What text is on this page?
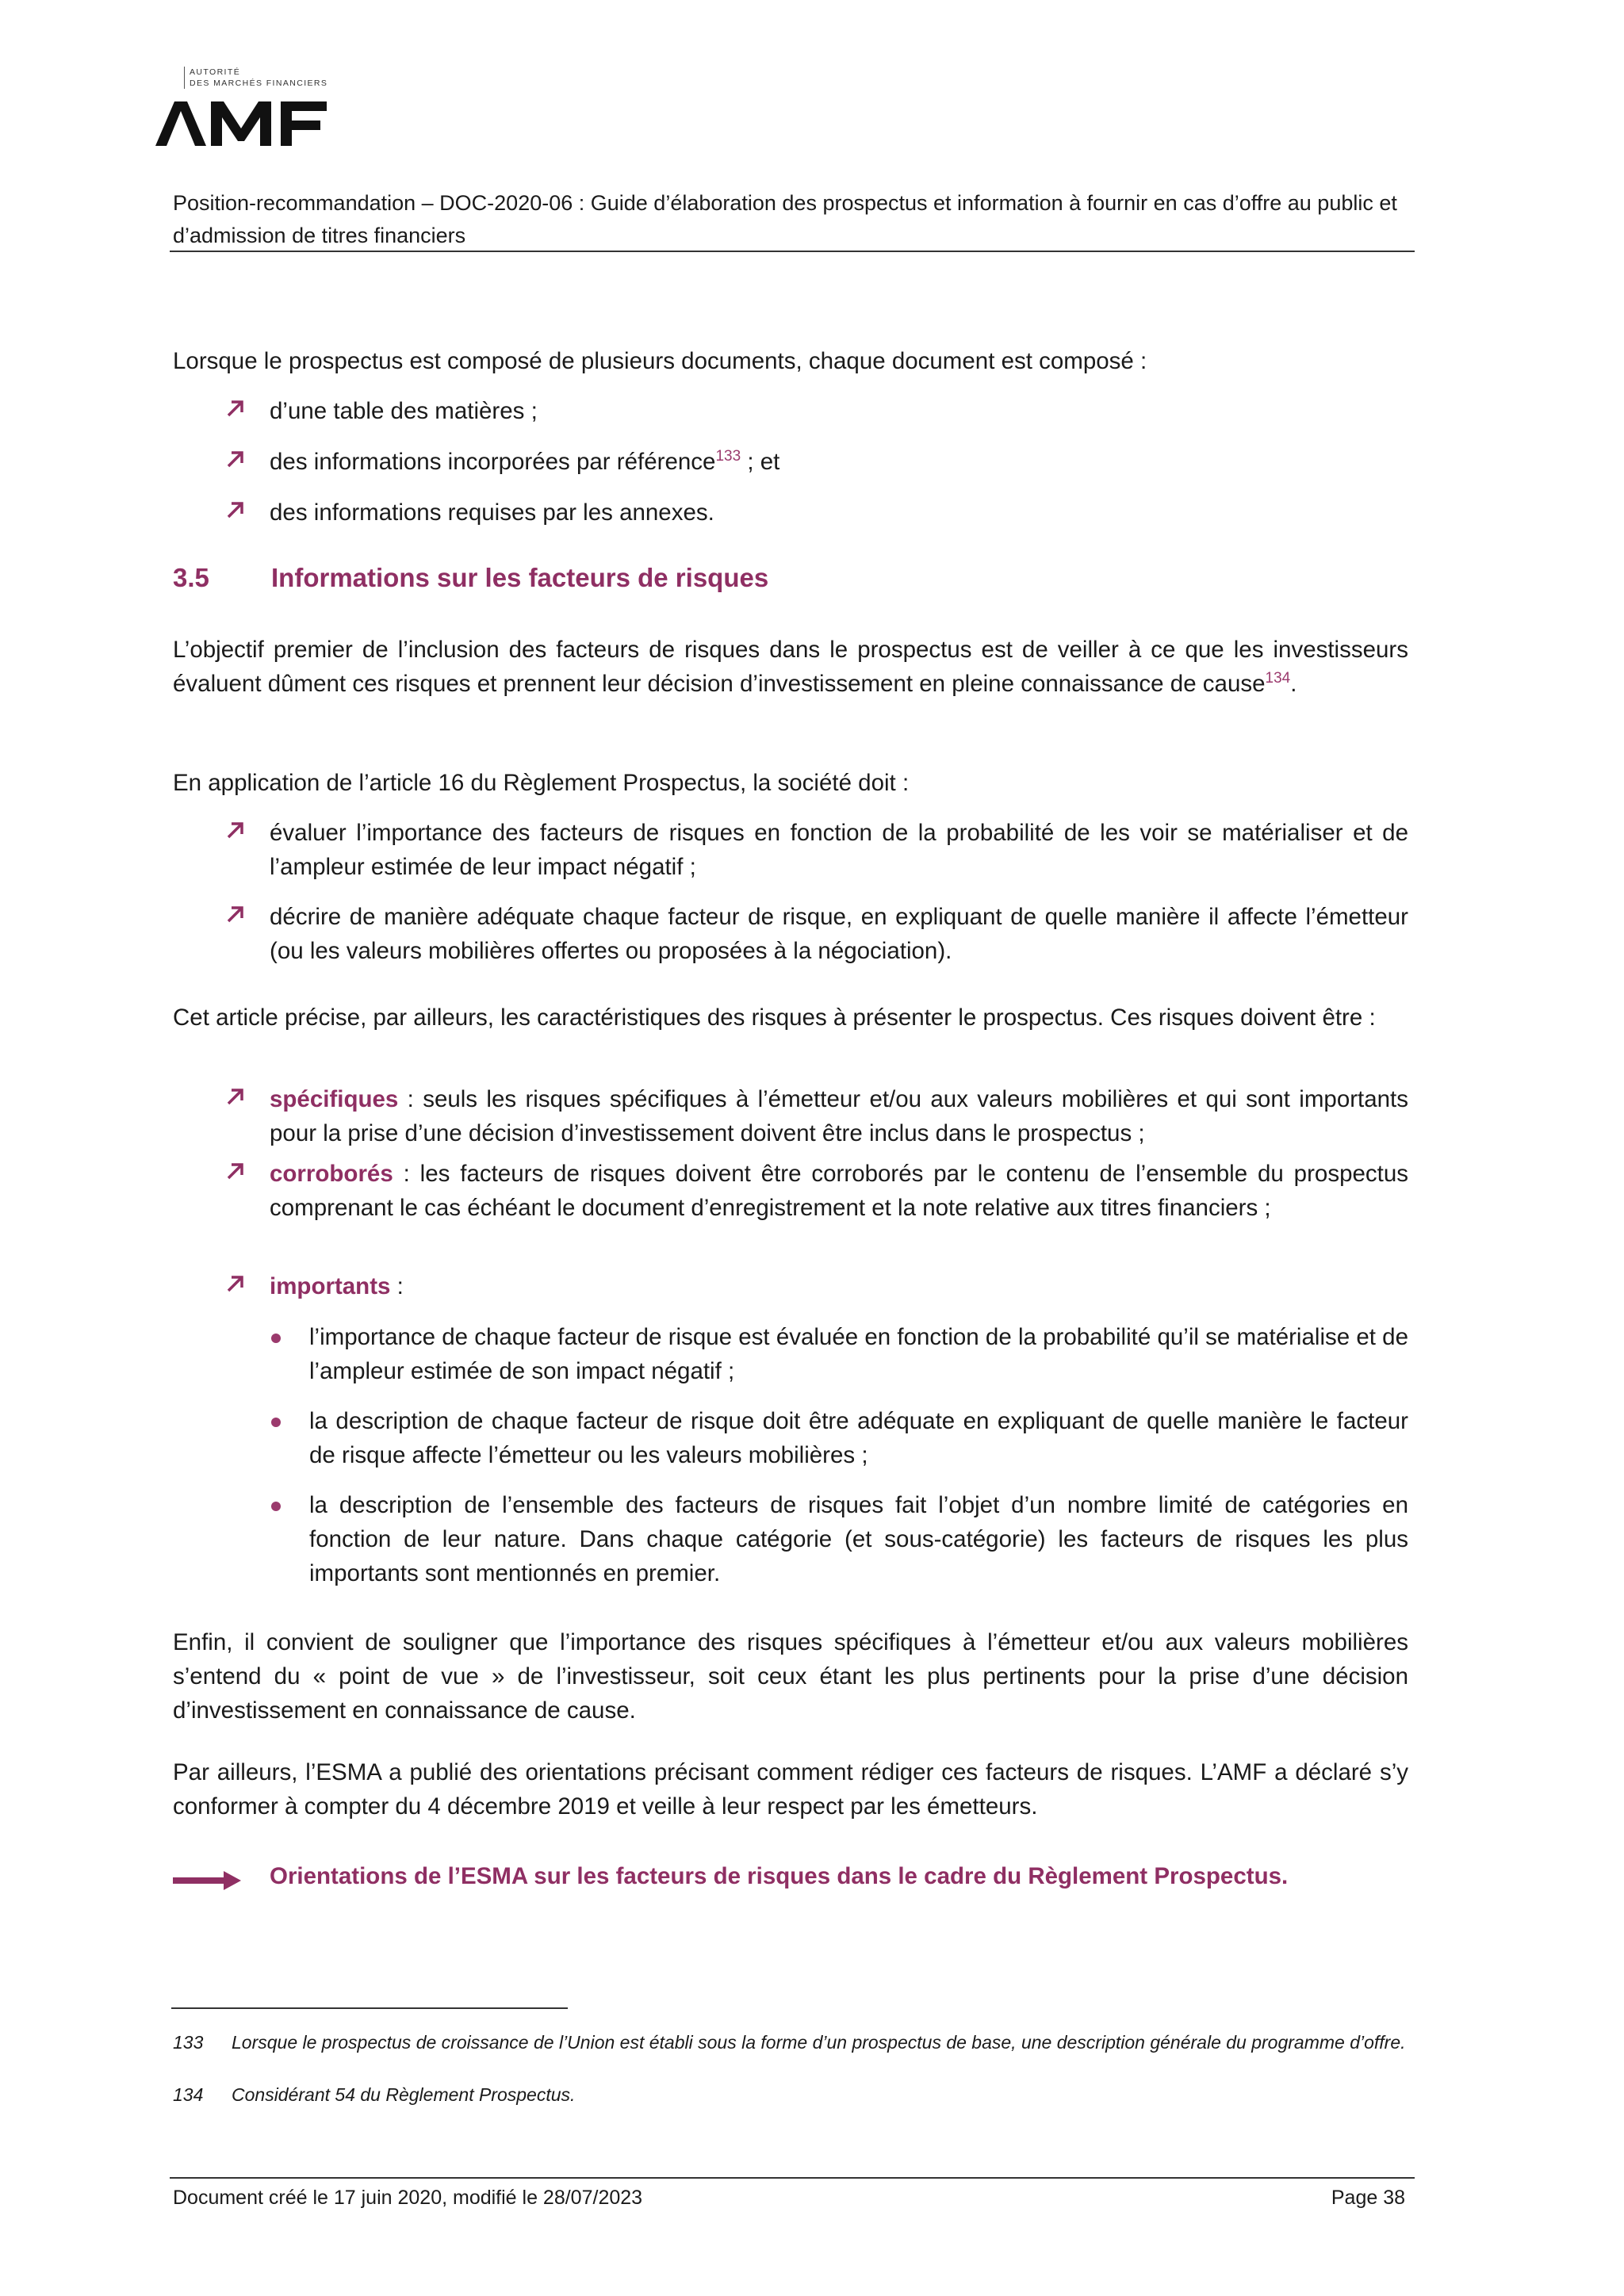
AUTORITÉ
DES MARCHÉS FINANCIERS
Position-recommandation – DOC-2020-06 : Guide d’élaboration des prospectus et information à fournir en cas d’offre au public et d’admission de titres financiers
Lorsque le prospectus est composé de plusieurs documents, chaque document est composé :
d’une table des matières ;
des informations incorporées par référence$^{133}$ ; et
des informations requises par les annexes.
3.5 Informations sur les facteurs de risques
L’objectif premier de l’inclusion des facteurs de risques dans le prospectus est de veiller à ce que les investisseurs évaluent dûment ces risques et prennent leur décision d’investissement en pleine connaissance de cause$^{134}$.
En application de l’article 16 du Règlement Prospectus, la société doit :
évaluer l’importance des facteurs de risques en fonction de la probabilité de les voir se matérialiser et de l’ampleur estimée de leur impact négatif ;
décrire de manière adéquate chaque facteur de risque, en expliquant de quelle manière il affecte l’émetteur (ou les valeurs mobilières offertes ou proposées à la négociation).
Cet article précise, par ailleurs, les caractéristiques des risques à présenter le prospectus. Ces risques doivent être :
spécifiques : seuls les risques spécifiques à l’émetteur et/ou aux valeurs mobilières et qui sont importants pour la prise d’une décision d’investissement doivent être inclus dans le prospectus ;
corroborés : les facteurs de risques doivent être corroborés par le contenu de l’ensemble du prospectus comprenant le cas échéant le document d’enregistrement et la note relative aux titres financiers ;
importants :
l’importance de chaque facteur de risque est évaluée en fonction de la probabilité qu’il se matérialise et de l’ampleur estimée de son impact négatif ;
la description de chaque facteur de risque doit être adéquate en expliquant de quelle manière le facteur de risque affecte l’émetteur ou les valeurs mobilières ;
la description de l’ensemble des facteurs de risques fait l’objet d’un nombre limité de catégories en fonction de leur nature. Dans chaque catégorie (et sous-catégorie) les facteurs de risques les plus importants sont mentionnés en premier.
Enfin, il convient de souligner que l’importance des risques spécifiques à l’émetteur et/ou aux valeurs mobilières s’entend du « point de vue » de l’investisseur, soit ceux étant les plus pertinents pour la prise d’une décision d’investissement en connaissance de cause.
Par ailleurs, l’ESMA a publié des orientations précisant comment rédiger ces facteurs de risques. L’AMF a déclaré s’y conformer à compter du 4 décembre 2019 et veille à leur respect par les émetteurs.
Orientations de l’ESMA sur les facteurs de risques dans le cadre du Règlement Prospectus.
133 Lorsque le prospectus de croissance de l’Union est établi sous la forme d’un prospectus de base, une description générale du programme d’offre.
134 Considérant 54 du Règlement Prospectus.
Document créé le 17 juin 2020, modifié le 28/07/2023	Page 38
